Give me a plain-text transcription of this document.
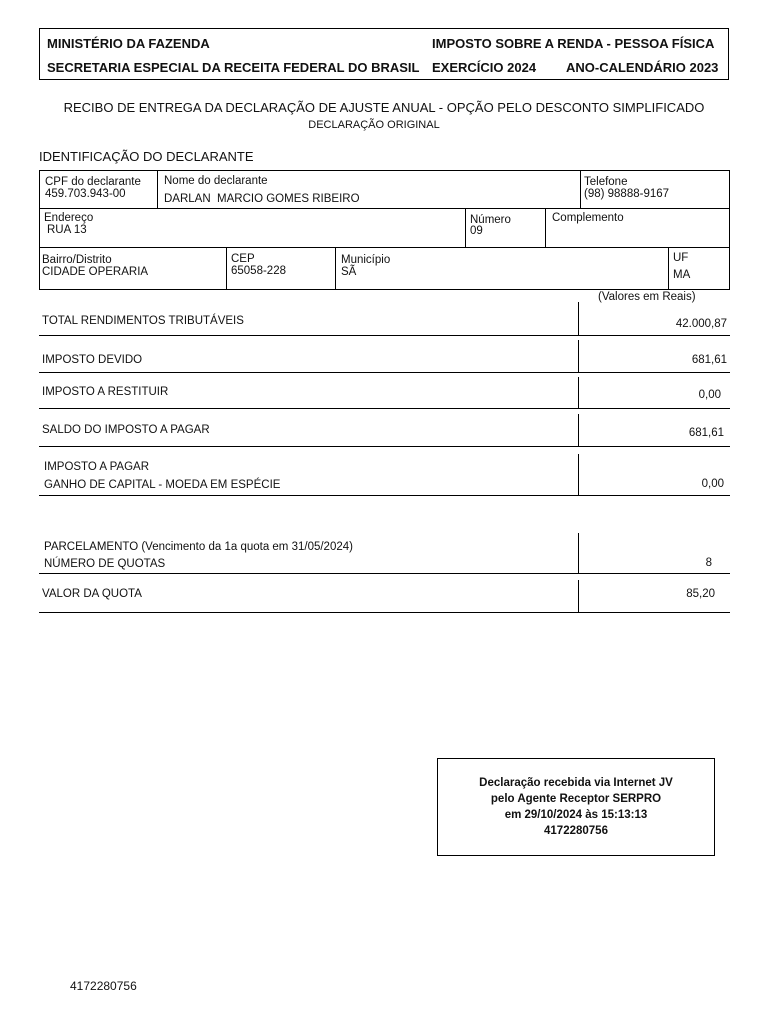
MINISTÉRIO DA FAZENDA	IMPOSTO SOBRE A RENDA - PESSOA FÍSICA
SECRETARIA ESPECIAL DA RECEITA FEDERAL DO BRASIL EXERCÍCIO 2024 ANO-CALENDÁRIO 2023
RECIBO DE ENTREGA DA DECLARAÇÃO DE AJUSTE ANUAL - OPÇÃO PELO DESCONTO SIMPLIFICADO
DECLARAÇÃO ORIGINAL
IDENTIFICAÇÃO DO DECLARANTE
CPF do declarante
459.703.943-00
Nome do declarante
DARLAN  MARCIO GOMES RIBEIRO
Telefone
(98) 98888-9167
Endereço
RUA 13
Número
09
Complemento
Bairro/Distrito
CIDADE OPERARIA
CEP
65058-228
Município
SÃ
UF
MA
(Valores em Reais)
TOTAL RENDIMENTOS TRIBUTÁVEIS	42.000,87
IMPOSTO DEVIDO	681,61
IMPOSTO A RESTITUIR	0,00
SALDO DO IMPOSTO A PAGAR	681,61
IMPOSTO A PAGAR
GANHO DE CAPITAL - MOEDA EM ESPÉCIE	0,00
PARCELAMENTO (Vencimento da 1a quota em 31/05/2024)
NÚMERO DE QUOTAS	8
VALOR DA QUOTA	85,20
Declaração recebida via Internet JV
pelo Agente Receptor SERPRO
em 29/10/2024 às 15:13:13
4172280756
4172280756
